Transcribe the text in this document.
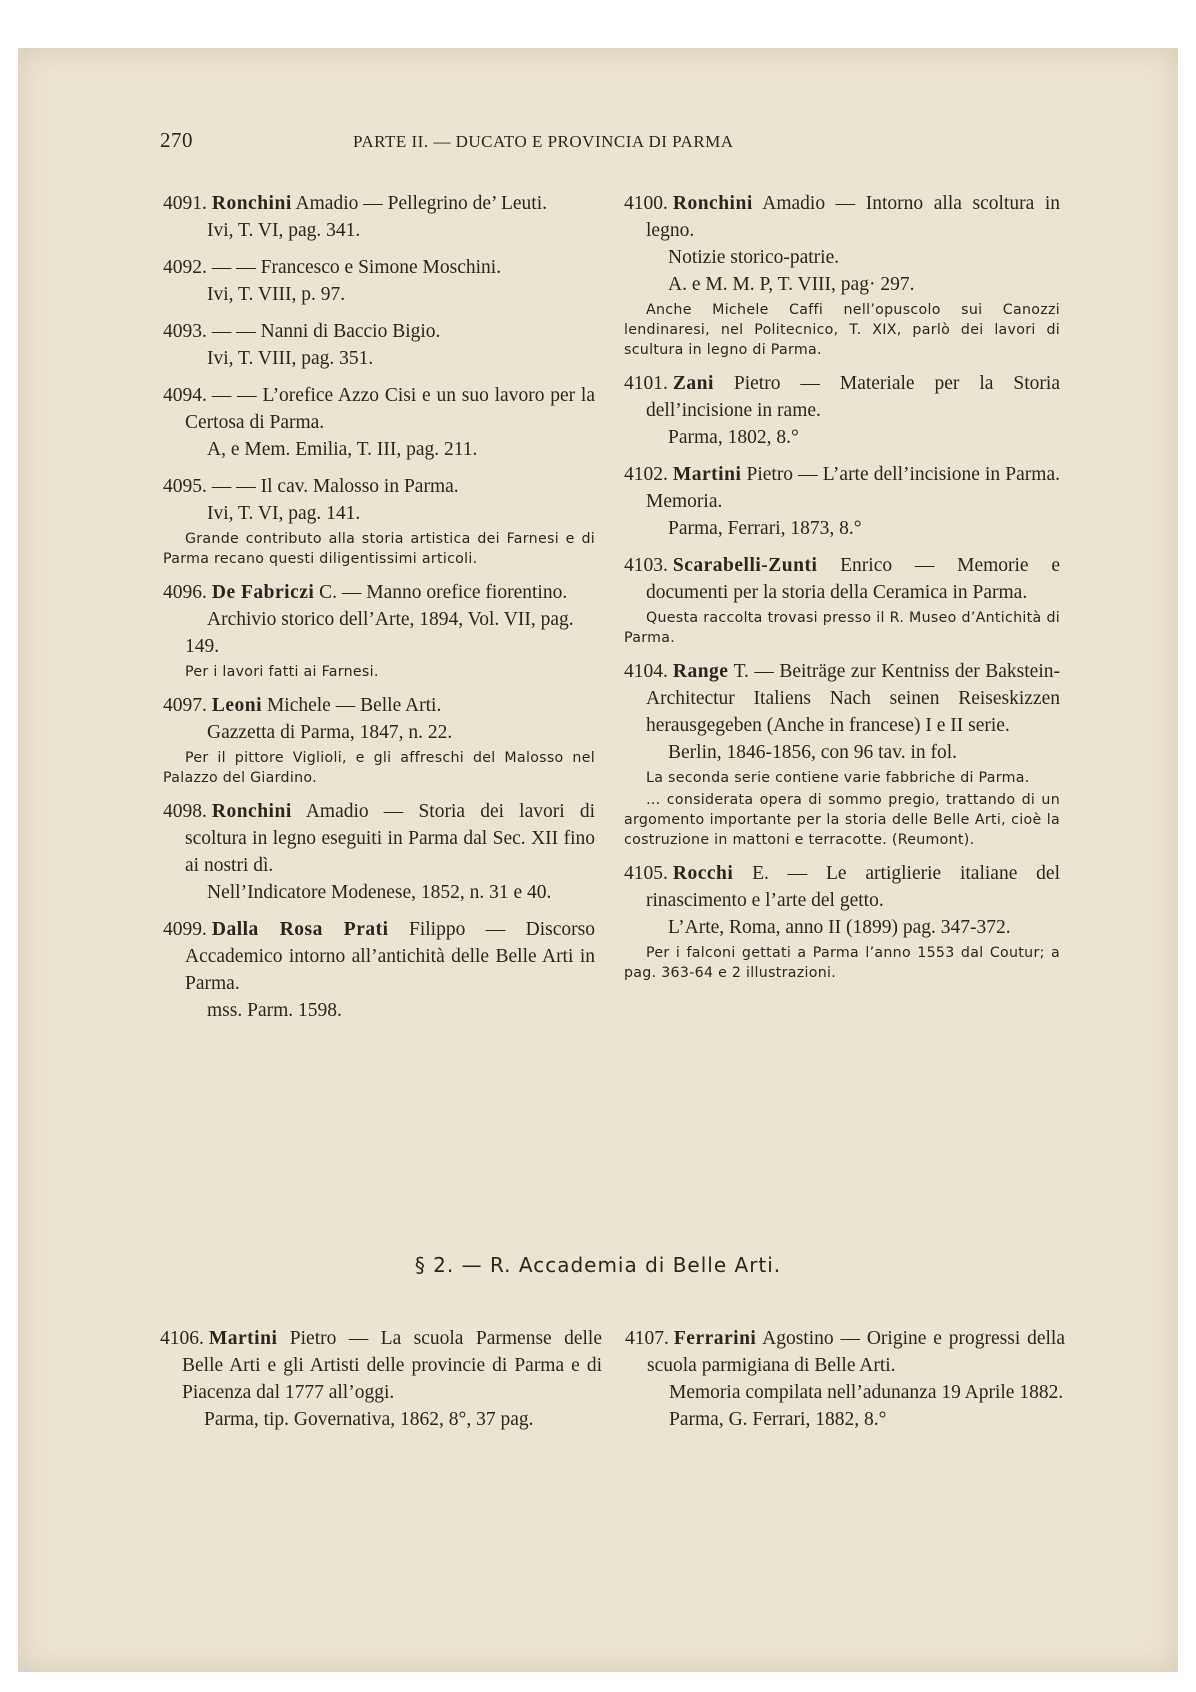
270	PARTE II. — DUCATO E PROVINCIA DI PARMA
4091. Ronchini Amadio — Pellegrino de’ Leuti.
Ivi, T. VI, pag. 341.
4092. — — Francesco e Simone Moschini.
Ivi, T. VIII, p. 97.
4093. — — Nanni di Baccio Bigio.
Ivi, T. VIII, pag. 351.
4094. — — L’orefice Azzo Cisi e un suo lavoro per la Certosa di Parma.
A, e Mem. Emilia, T. III, pag. 211.
4095. — — Il cav. Malosso in Parma.
Ivi, T. VI, pag. 141.
Grande contributo alla storia artistica dei Farnesi e di Parma recano questi diligentissimi articoli.
4096. De Fabriczi C. — Manno orefice fiorentino.
Archivio storico dell’Arte, 1894, Vol. VII, pag. 149.
Per i lavori fatti ai Farnesi.
4097. Leoni Michele — Belle Arti.
Gazzetta di Parma, 1847, n. 22.
Per il pittore Viglioli, e gli affreschi del Malosso nel Palazzo del Giardino.
4098. Ronchini Amadio — Storia dei lavori di scoltura in legno eseguiti in Parma dal Sec. XII fino ai nostri dì.
Nell’Indicatore Modenese, 1852, n. 31 e 40.
4099. Dalla Rosa Prati Filippo — Discorso Accademico intorno all’antichità delle Belle Arti in Parma.
mss. Parm. 1598.
4100. Ronchini Amadio — Intorno alla scoltura in legno.
Notizie storico-patrie.
A. e M. M. P, T. VIII, pag· 297.
Anche Michele Caffi nell’opuscolo sui Canozzi lendinaresi, nel Politecnico, T. XIX, parlò dei lavori di scultura in legno di Parma.
4101. Zani Pietro — Materiale per la Storia dell’incisione in rame.
Parma, 1802, 8.°
4102. Martini Pietro — L’arte dell’incisione in Parma. Memoria.
Parma, Ferrari, 1873, 8.°
4103. Scarabelli-Zunti Enrico — Memorie e documenti per la storia della Ceramica in Parma.
Questa raccolta trovasi presso il R. Museo d’Antichità di Parma.
4104. Range T. — Beiträge zur Kentniss der Bakstein-Architectur Italiens Nach seinen Reiseskizzen herausgegeben (Anche in francese) I e II serie.
Berlin, 1846-1856, con 96 tav. in fol.
La seconda serie contiene varie fabbriche di Parma.
… considerata opera di sommo pregio, trattando di un argomento importante per la storia delle Belle Arti, cioè la costruzione in mattoni e terracotte. (Reumont).
4105. Rocchi E. — Le artiglierie italiane del rinascimento e l’arte del getto.
L’Arte, Roma, anno II (1899) pag. 347-372.
Per i falconi gettati a Parma l’anno 1553 dal Coutur; a pag. 363-64 e 2 illustrazioni.
§ 2. — R. Accademia di Belle Arti.
4106. Martini Pietro — La scuola Parmense delle Belle Arti e gli Artisti delle provincie di Parma e di Piacenza dal 1777 all’oggi.
Parma, tip. Governativa, 1862, 8°, 37 pag.
4107. Ferrarini Agostino — Origine e progressi della scuola parmigiana di Belle Arti.
Memoria compilata nell’adunanza 19 Aprile 1882.
Parma, G. Ferrari, 1882, 8.°
